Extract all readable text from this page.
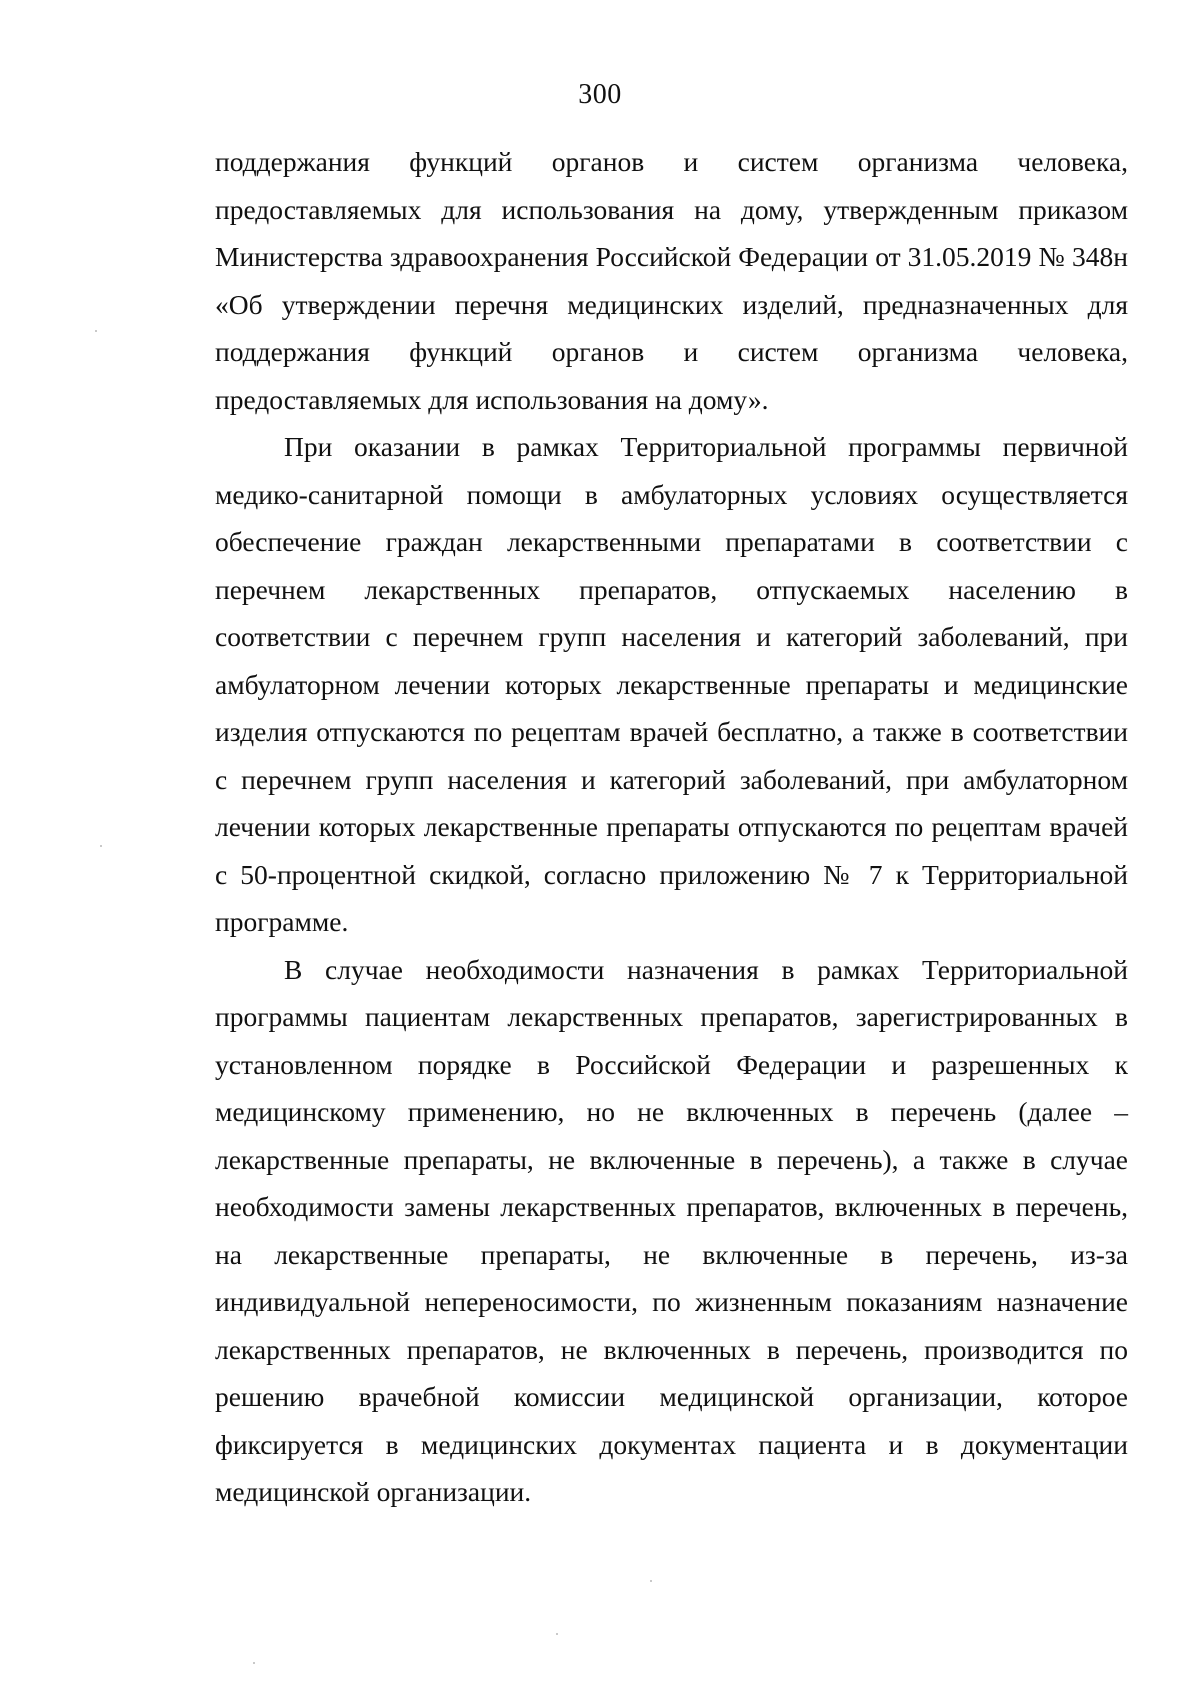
300

поддержания функций органов и систем организма человека, предоставляемых для использования на дому, утвержденным приказом Министерства здравоохранения Российской Федерации от 31.05.2019 № 348н «Об утверждении перечня медицинских изделий, предназначенных для поддержания функций органов и систем организма человека, предоставляемых для использования на дому».

При оказании в рамках Территориальной программы первичной медико-санитарной помощи в амбулаторных условиях осуществляется обеспечение граждан лекарственными препаратами в соответствии с перечнем лекарственных препаратов, отпускаемых населению в соответствии с перечнем групп населения и категорий заболеваний, при амбулаторном лечении которых лекарственные препараты и медицинские изделия отпускаются по рецептам врачей бесплатно, а также в соответствии с перечнем групп населения и категорий заболеваний, при амбулаторном лечении которых лекарственные препараты отпускаются по рецептам врачей с 50-процентной скидкой, согласно приложению № 7 к Территориальной программе.

В случае необходимости назначения в рамках Территориальной программы пациентам лекарственных препаратов, зарегистрированных в установленном порядке в Российской Федерации и разрешенных к медицинскому применению, но не включенных в перечень (далее – лекарственные препараты, не включенные в перечень), а также в случае необходимости замены лекарственных препаратов, включенных в перечень, на лекарственные препараты, не включенные в перечень, из-за индивидуальной непереносимости, по жизненным показаниям назначение лекарственных препаратов, не включенных в перечень, производится по решению врачебной комиссии медицинской организации, которое фиксируется в медицинских документах пациента и в документации медицинской организации.
